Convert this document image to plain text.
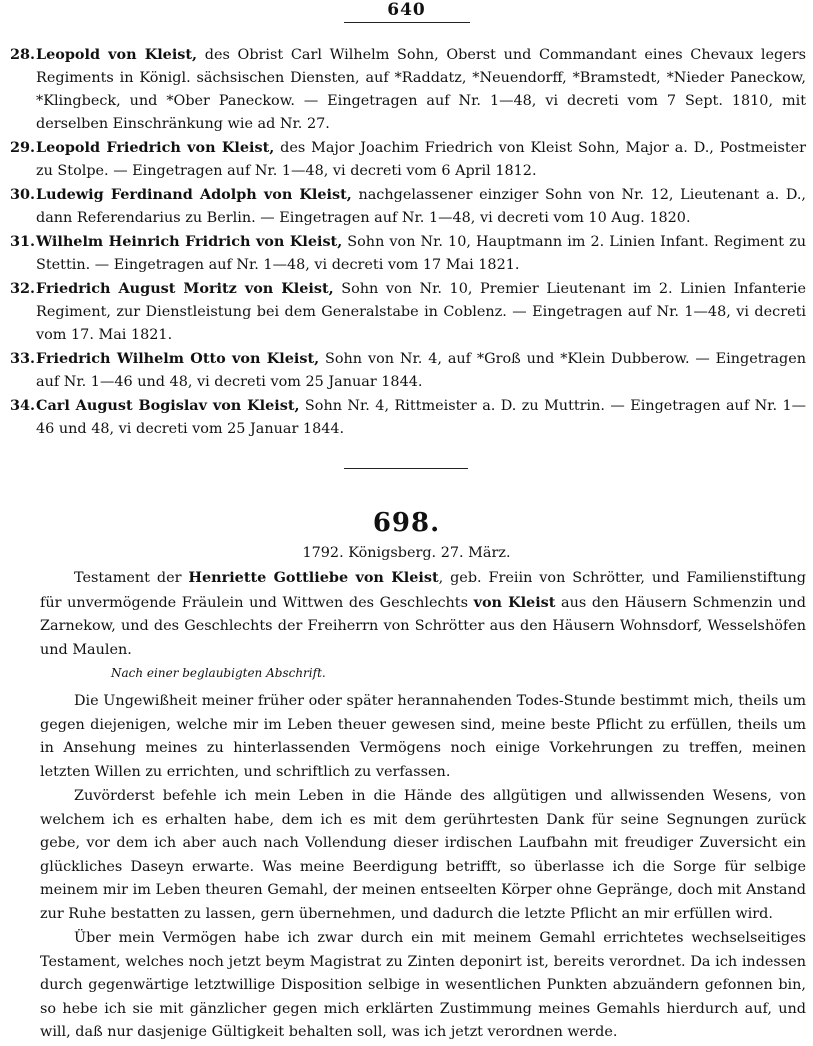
640

28. Leopold von Kleist, des Obrist Carl Wilhelm Sohn, Oberst und Commandant eines Chevaux legers Regiments in Königl. sächsischen Diensten, auf *Raddatz, *Neuendorff, *Bramstedt, *Nieder Paneckow, *Klingbeck, und *Ober Paneckow. — Eingetragen auf Nr. 1—48, vi decreti vom 7 Sept. 1810, mit derselben Einschränkung wie ad Nr. 27.

29. Leopold Friedrich von Kleist, des Major Joachim Friedrich von Kleist Sohn, Major a. D., Postmeister zu Stolpe. — Eingetragen auf Nr. 1—48, vi decreti vom 6 April 1812.

30. Ludewig Ferdinand Adolph von Kleist, nachgelassener einziger Sohn von Nr. 12, Lieutenant a. D., dann Referendarius zu Berlin. — Eingetragen auf Nr. 1—48, vi decreti vom 10 Aug. 1820.

31. Wilhelm Heinrich Fridrich von Kleist, Sohn von Nr. 10, Hauptmann im 2. Linien Infant. Regiment zu Stettin. — Eingetragen auf Nr. 1—48, vi decreti vom 17 Mai 1821.

32. Friedrich August Moritz von Kleist, Sohn von Nr. 10, Premier Lieutenant im 2. Linien Infanterie Regiment, zur Dienstleistung bei dem Generalstabe in Coblenz. — Eingetragen auf Nr. 1—48, vi decreti vom 17. Mai 1821.

33. Friedrich Wilhelm Otto von Kleist, Sohn von Nr. 4, auf *Groß und *Klein Dubberow. — Eingetragen auf Nr. 1—46 und 48, vi decreti vom 25 Januar 1844.

34. Carl August Bogislav von Kleist, Sohn Nr. 4, Rittmeister a. D. zu Muttrin. — Eingetragen auf Nr. 1—46 und 48, vi decreti vom 25 Januar 1844.

698.
1792. Königsberg. 27. März.

Testament der Henriette Gottliebe von Kleist, geb. Freiin von Schrötter, und Familienstiftung für unvermögende Fräulein und Wittwen des Geschlechts von Kleist aus den Häusern Schmenzin und Zarnekow, und des Geschlechts der Freiherrn von Schrötter aus den Häusern Wohnsdorf, Wesselshöfen und Maulen.

Nach einer beglaubigten Abschrift.

Die Ungewißheit meiner früher oder später herannahenden Todes-Stunde bestimmt mich, theils um gegen diejenigen, welche mir im Leben theuer gewesen sind, meine beste Pflicht zu erfüllen, theils um in Ansehung meines zu hinterlassenden Vermögens noch einige Vorkehrungen zu treffen, meinen letzten Willen zu errichten, und schriftlich zu verfassen.

Zuvörderst befehle ich mein Leben in die Hände des allgütigen und allwissenden Wesens, von welchem ich es erhalten habe, dem ich es mit dem gerührtesten Dank für seine Segnungen zurück gebe, vor dem ich aber auch nach Vollendung dieser irdischen Laufbahn mit freudiger Zuversicht ein glückliches Daseyn erwarte. Was meine Beerdigung betrifft, so überlasse ich die Sorge für selbige meinem mir im Leben theuren Gemahl, der meinen entseelten Körper ohne Gepränge, doch mit Anstand zur Ruhe bestatten zu lassen, gern übernehmen, und dadurch die letzte Pflicht an mir erfüllen wird.

Über mein Vermögen habe ich zwar durch ein mit meinem Gemahl errichtetes wechselseitiges Testament, welches noch jetzt beym Magistrat zu Zinten deponirt ist, bereits verordnet. Da ich indessen durch gegenwärtige letztwillige Disposition selbige in wesentlichen Punkten abzuändern gefonnen bin, so hebe ich sie mit gänzlicher gegen mich erklärten Zustimmung meines Gemahls hierdurch auf, und will, daß nur dasjenige Gültigkeit behalten soll, was ich jetzt verordnen werde.
